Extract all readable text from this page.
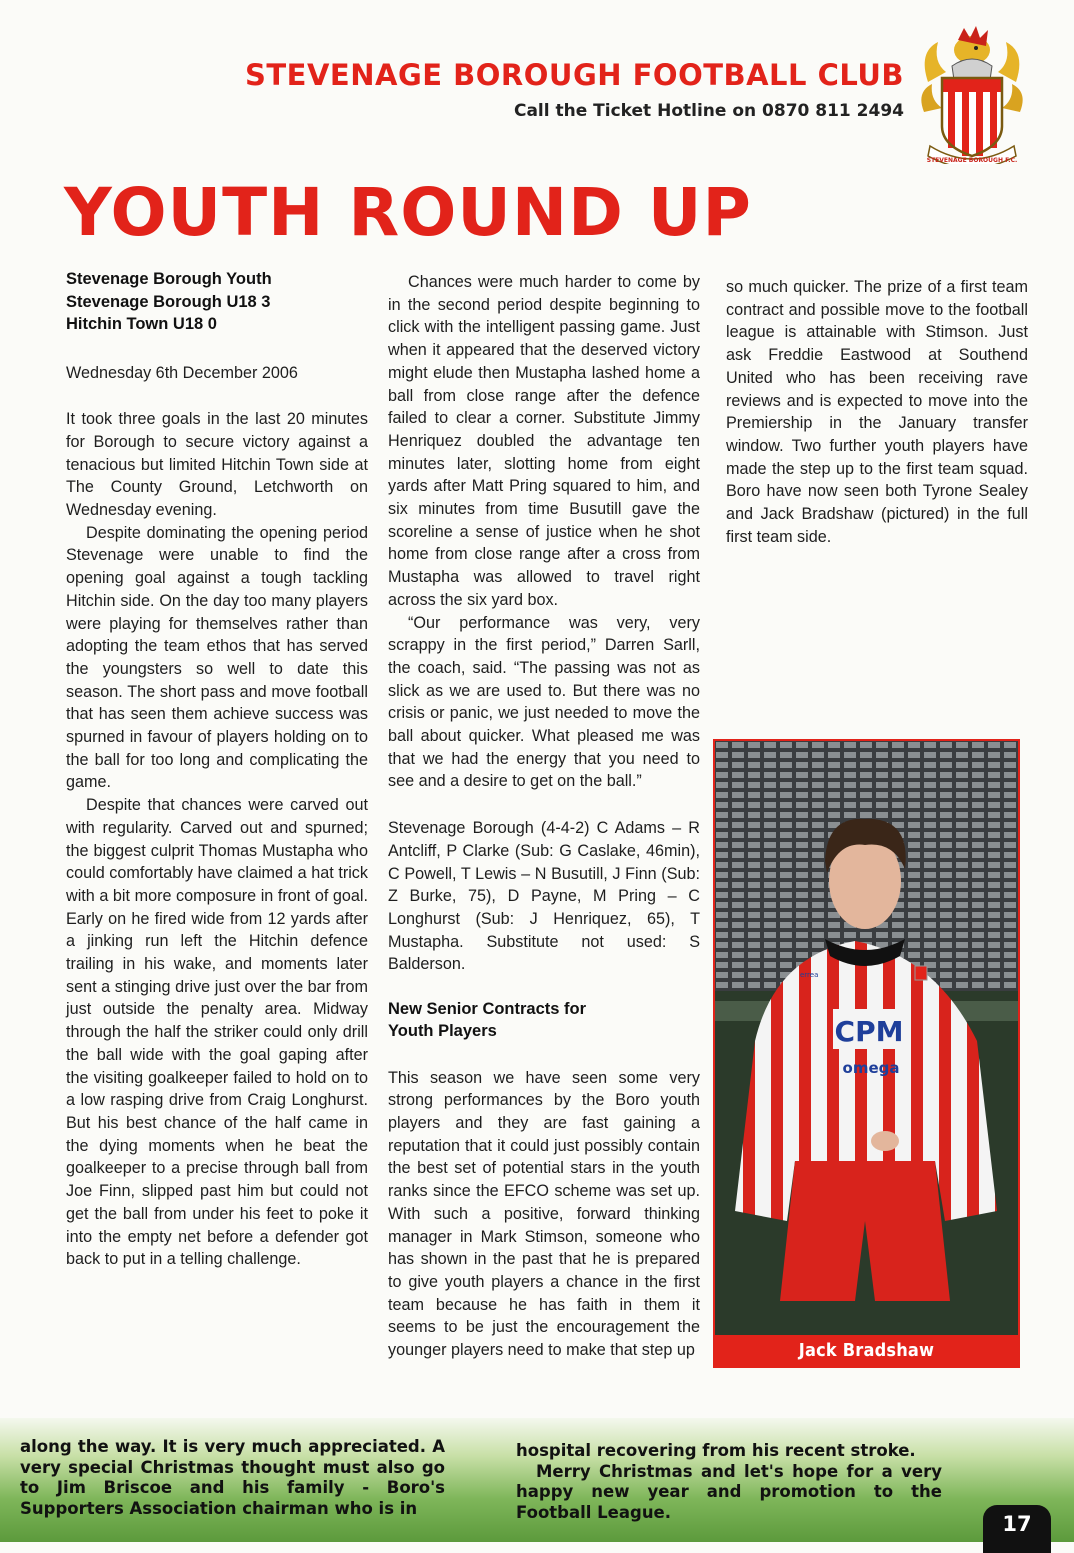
STEVENAGE BOROUGH FOOTBALL CLUB
Call the Ticket Hotline on 0870 811 2494
STEVENAGE BOROUGH F.C.
YOUTH ROUND UP

Stevenage Borough Youth

Stevenage Borough U18 3

Hitchin Town U18 0

Wednesday 6th December 2006

It took three goals in the last 20 minutes for Borough to secure victory against a tenacious but limited Hitchin Town side at The County Ground, Letchworth on Wednesday evening.

Despite dominating the opening period Stevenage were unable to find the opening goal against a tough tackling Hitchin side. On the day too many players were playing for themselves rather than adopting the team ethos that has served the youngsters so well to date this season. The short pass and move football that has seen them achieve success was spurned in favour of players holding on to the ball for too long and complicating the game.

Despite that chances were carved out with regularity. Carved out and spurned; the biggest culprit Thomas Mustapha who could comfortably have claimed a hat trick with a bit more composure in front of goal. Early on he fired wide from 12 yards after a jinking run left the Hitchin defence trailing in his wake, and moments later sent a stinging drive just over the bar from just outside the penalty area. Midway through the half the striker could only drill the ball wide with the goal gaping after the visiting goalkeeper failed to hold on to a low rasping drive from Craig Longhurst. But his best chance of the half came in the dying moments when he beat the goalkeeper to a precise through ball from Joe Finn, slipped past him but could not get the ball from under his feet to poke it into the empty net before a defender got back to put in a telling challenge.

Chances were much harder to come by in the second period despite beginning to click with the intelligent passing game. Just when it appeared that the deserved victory might elude then Mustapha lashed home a ball from close range after the defence failed to clear a corner. Substitute Jimmy Henriquez doubled the advantage ten minutes later, slotting home from eight yards after Matt Pring squared to him, and six minutes from time Busutill gave the scoreline a sense of justice when he shot home from close range after a cross from Mustapha was allowed to travel right across the six yard box.

“Our performance was very, very scrappy in the first period,” Darren Sarll, the coach, said. “The passing was not as slick as we are used to. But there was no crisis or panic, we just needed to move the ball about quicker. What pleased me was that we had the energy that you need to see and a desire to get on the ball.”

Stevenage Borough (4-4-2) C Adams – R Antcliff, P Clarke (Sub: G Caslake, 46min), C Powell, T Lewis – N Busutill, J Finn (Sub: Z Burke, 75), D Payne, M Pring – C Longhurst (Sub: J Henriquez, 65), T Mustapha. Substitute not used: S Balderson.

New Senior Contracts for

Youth Players

This season we have seen some very strong performances by the Boro youth players and they are fast gaining a reputation that it could just possibly contain the best set of potential stars in the youth ranks since the EFCO scheme was set up. With such a positive, forward thinking manager in Mark Stimson, someone who has shown in the past that he is prepared to give youth players a chance in the first team because he has faith in them it seems to be just the encouragement the younger players need to make that step up

CPM
omega
errea
Jack Bradshaw

so much quicker. The prize of a first team contract and possible move to the football league is attainable with Stimson. Just ask Freddie Eastwood at Southend United who has been receiving rave reviews and is expected to move into the Premiership in the January transfer window. Two further youth players have made the step up to the first team squad. Boro have now seen both Tyrone Sealey and Jack Bradshaw (pictured) in the full first team side.

along the way. It is very much appreciated. A very special Christmas thought must also go to Jim Briscoe and his family - Boro's Supporters Association chairman who is in

hospital recovering from his recent stroke.

Merry Christmas and let's hope for a very happy new year and promotion to the Football League.	17
